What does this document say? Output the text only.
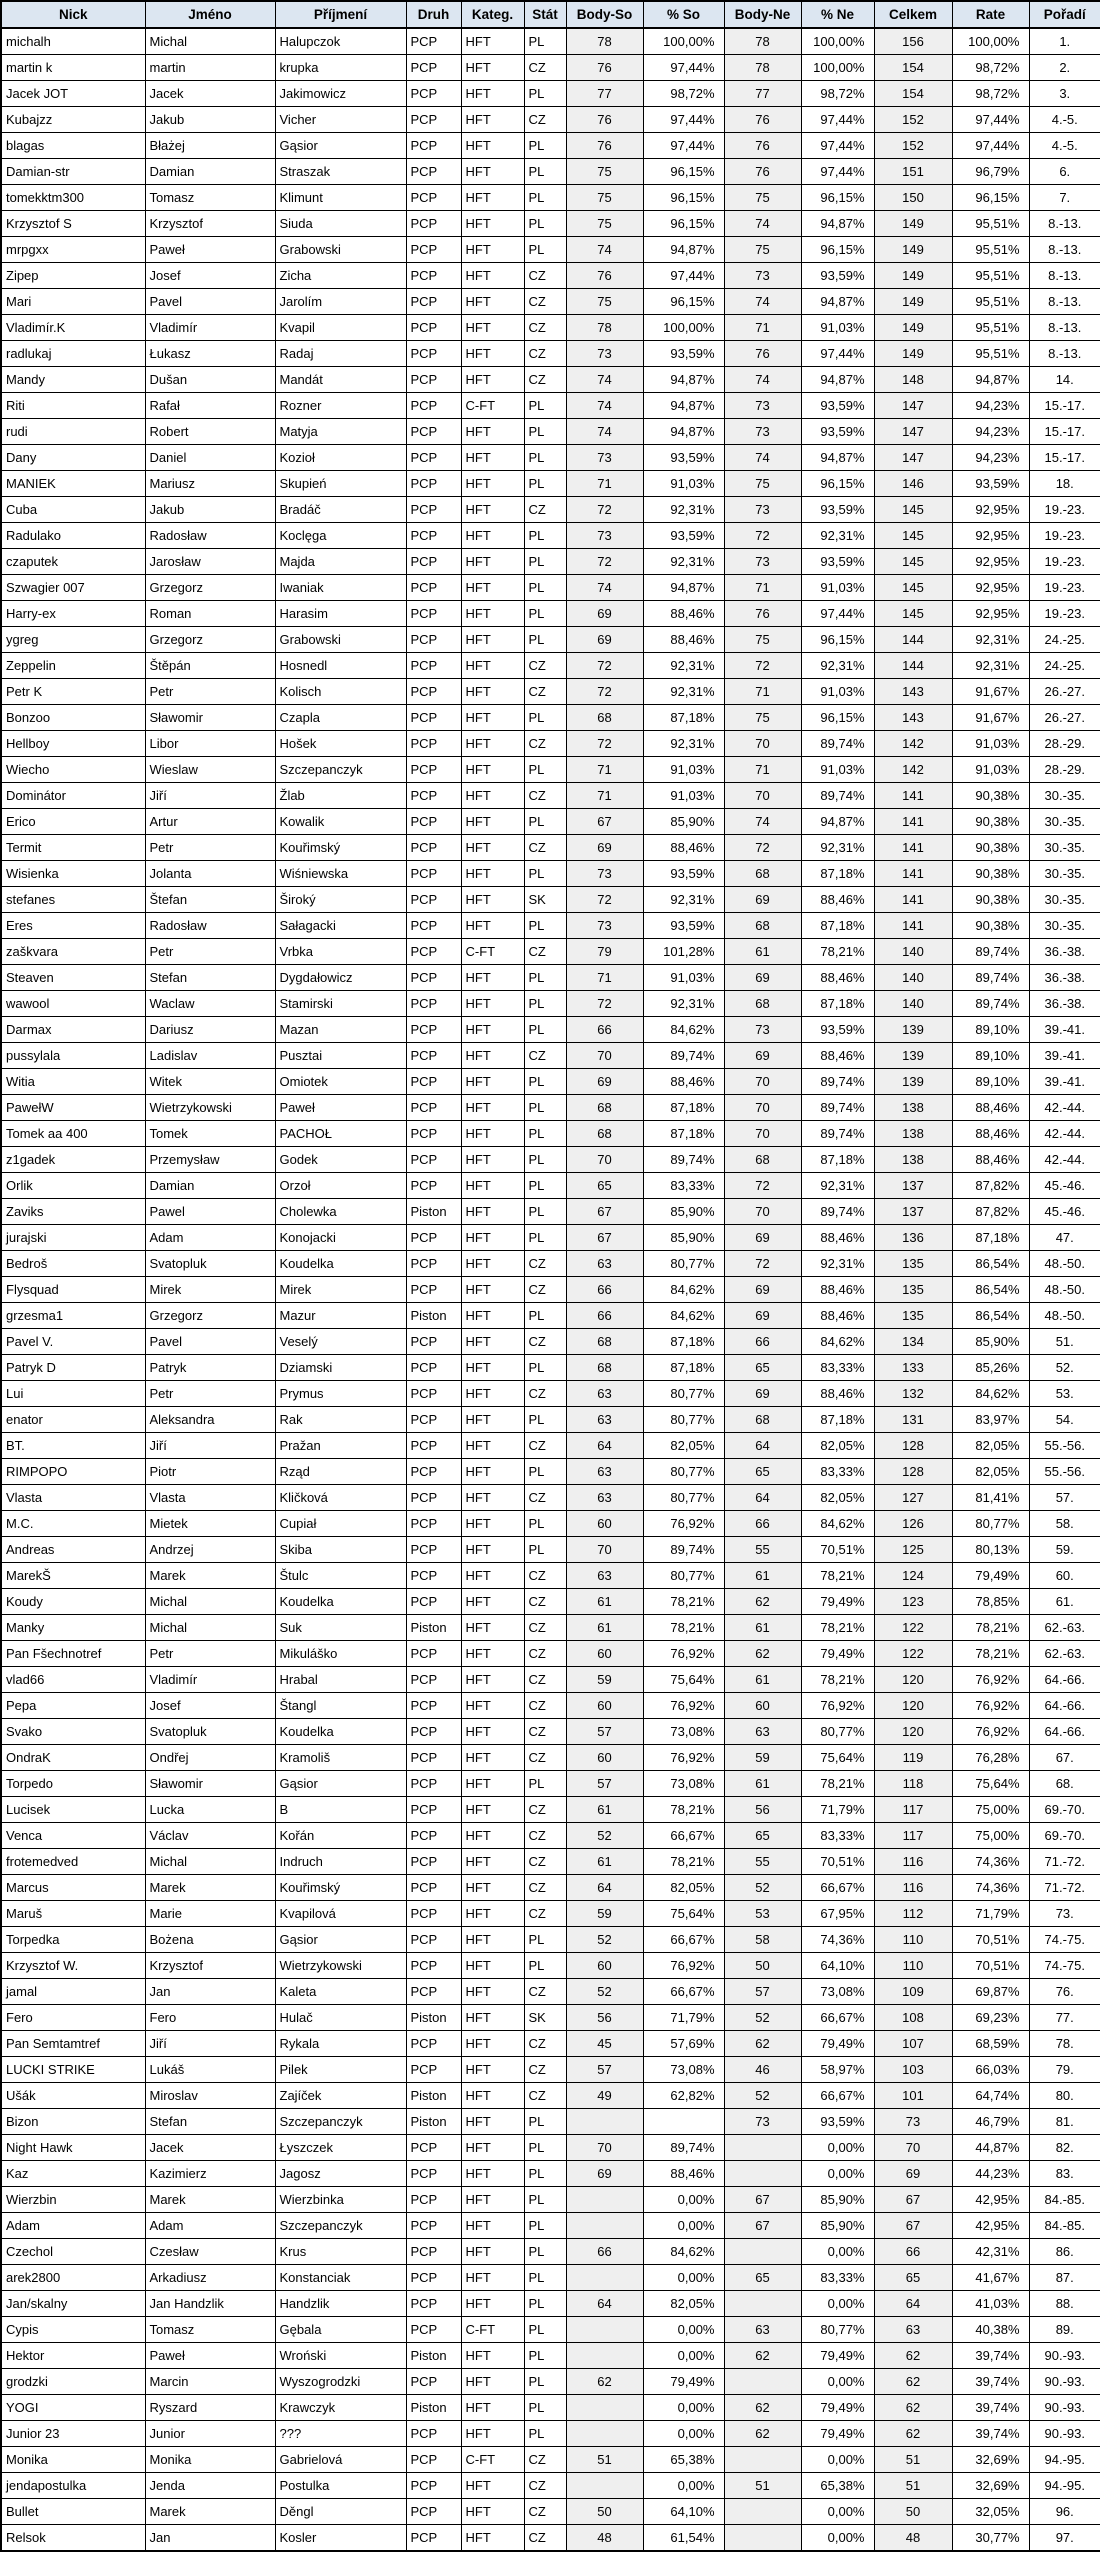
Nick	Jméno	Příjmení	Druh	Kateg.	Stát	Body-So	% So	Body-Ne	% Ne	Celkem	Rate	Pořadí
michalh	Michal	Halupczok	PCP	HFT	PL	78	100,00%	78	100,00%	156	100,00%	1.
martin k	martin	krupka	PCP	HFT	CZ	76	97,44%	78	100,00%	154	98,72%	2.
Jacek JOT	Jacek	Jakimowicz	PCP	HFT	PL	77	98,72%	77	98,72%	154	98,72%	3.
Kubajzz	Jakub	Vicher	PCP	HFT	CZ	76	97,44%	76	97,44%	152	97,44%	4.-5.
blagas	Błażej	Gąsior	PCP	HFT	PL	76	97,44%	76	97,44%	152	97,44%	4.-5.
Damian-str	Damian	Straszak	PCP	HFT	PL	75	96,15%	76	97,44%	151	96,79%	6.
tomekktm300	Tomasz	Klimunt	PCP	HFT	PL	75	96,15%	75	96,15%	150	96,15%	7.
Krzysztof S	Krzysztof	Siuda	PCP	HFT	PL	75	96,15%	74	94,87%	149	95,51%	8.-13.
mrpgxx	Paweł	Grabowski	PCP	HFT	PL	74	94,87%	75	96,15%	149	95,51%	8.-13.
Zipep	Josef	Zicha	PCP	HFT	CZ	76	97,44%	73	93,59%	149	95,51%	8.-13.
Mari	Pavel	Jarolím	PCP	HFT	CZ	75	96,15%	74	94,87%	149	95,51%	8.-13.
Vladimír.K	Vladimír	Kvapil	PCP	HFT	CZ	78	100,00%	71	91,03%	149	95,51%	8.-13.
radlukaj	Łukasz	Radaj	PCP	HFT	CZ	73	93,59%	76	97,44%	149	95,51%	8.-13.
Mandy	Dušan	Mandát	PCP	HFT	CZ	74	94,87%	74	94,87%	148	94,87%	14.
Riti	Rafał	Rozner	PCP	C-FT	PL	74	94,87%	73	93,59%	147	94,23%	15.-17.
rudi	Robert	Matyja	PCP	HFT	PL	74	94,87%	73	93,59%	147	94,23%	15.-17.
Dany	Daniel	Kozioł	PCP	HFT	PL	73	93,59%	74	94,87%	147	94,23%	15.-17.
MANIEK	Mariusz	Skupień	PCP	HFT	PL	71	91,03%	75	96,15%	146	93,59%	18.
Cuba	Jakub	Bradáč	PCP	HFT	CZ	72	92,31%	73	93,59%	145	92,95%	19.-23.
Radulako	Radosław	Koclęga	PCP	HFT	PL	73	93,59%	72	92,31%	145	92,95%	19.-23.
czaputek	Jarosław	Majda	PCP	HFT	PL	72	92,31%	73	93,59%	145	92,95%	19.-23.
Szwagier 007	Grzegorz	Iwaniak	PCP	HFT	PL	74	94,87%	71	91,03%	145	92,95%	19.-23.
Harry-ex	Roman	Harasim	PCP	HFT	PL	69	88,46%	76	97,44%	145	92,95%	19.-23.
ygreg	Grzegorz	Grabowski	PCP	HFT	PL	69	88,46%	75	96,15%	144	92,31%	24.-25.
Zeppelin	Štěpán	Hosnedl	PCP	HFT	CZ	72	92,31%	72	92,31%	144	92,31%	24.-25.
Petr K	Petr	Kolisch	PCP	HFT	CZ	72	92,31%	71	91,03%	143	91,67%	26.-27.
Bonzoo	Sławomir	Czapla	PCP	HFT	PL	68	87,18%	75	96,15%	143	91,67%	26.-27.
Hellboy	Libor	Hošek	PCP	HFT	CZ	72	92,31%	70	89,74%	142	91,03%	28.-29.
Wiecho	Wieslaw	Szczepanczyk	PCP	HFT	PL	71	91,03%	71	91,03%	142	91,03%	28.-29.
Dominátor	Jiří	Žlab	PCP	HFT	CZ	71	91,03%	70	89,74%	141	90,38%	30.-35.
Erico	Artur	Kowalik	PCP	HFT	PL	67	85,90%	74	94,87%	141	90,38%	30.-35.
Termit	Petr	Kouřimský	PCP	HFT	CZ	69	88,46%	72	92,31%	141	90,38%	30.-35.
Wisienka	Jolanta	Wiśniewska	PCP	HFT	PL	73	93,59%	68	87,18%	141	90,38%	30.-35.
stefanes	Štefan	Široký	PCP	HFT	SK	72	92,31%	69	88,46%	141	90,38%	30.-35.
Eres	Radosław	Sałagacki	PCP	HFT	PL	73	93,59%	68	87,18%	141	90,38%	30.-35.
zaškvara	Petr	Vrbka	PCP	C-FT	CZ	79	101,28%	61	78,21%	140	89,74%	36.-38.
Steaven	Stefan	Dygdałowicz	PCP	HFT	PL	71	91,03%	69	88,46%	140	89,74%	36.-38.
wawool	Waclaw	Stamirski	PCP	HFT	PL	72	92,31%	68	87,18%	140	89,74%	36.-38.
Darmax	Dariusz	Mazan	PCP	HFT	PL	66	84,62%	73	93,59%	139	89,10%	39.-41.
pussylala	Ladislav	Pusztai	PCP	HFT	CZ	70	89,74%	69	88,46%	139	89,10%	39.-41.
Witia	Witek	Omiotek	PCP	HFT	PL	69	88,46%	70	89,74%	139	89,10%	39.-41.
PawełW	Wietrzykowski	Paweł	PCP	HFT	PL	68	87,18%	70	89,74%	138	88,46%	42.-44.
Tomek aa 400	Tomek	PACHOŁ	PCP	HFT	PL	68	87,18%	70	89,74%	138	88,46%	42.-44.
z1gadek	Przemysław	Godek	PCP	HFT	PL	70	89,74%	68	87,18%	138	88,46%	42.-44.
Orlik	Damian	Orzoł	PCP	HFT	PL	65	83,33%	72	92,31%	137	87,82%	45.-46.
Zaviks	Pawel	Cholewka	Piston	HFT	PL	67	85,90%	70	89,74%	137	87,82%	45.-46.
jurajski	Adam	Konojacki	PCP	HFT	PL	67	85,90%	69	88,46%	136	87,18%	47.
Bedroš	Svatopluk	Koudelka	PCP	HFT	CZ	63	80,77%	72	92,31%	135	86,54%	48.-50.
Flysquad	Mirek	Mirek	PCP	HFT	CZ	66	84,62%	69	88,46%	135	86,54%	48.-50.
grzesma1	Grzegorz	Mazur	Piston	HFT	PL	66	84,62%	69	88,46%	135	86,54%	48.-50.
Pavel V.	Pavel	Veselý	PCP	HFT	CZ	68	87,18%	66	84,62%	134	85,90%	51.
Patryk D	Patryk	Dziamski	PCP	HFT	PL	68	87,18%	65	83,33%	133	85,26%	52.
Lui	Petr	Prymus	PCP	HFT	CZ	63	80,77%	69	88,46%	132	84,62%	53.
enator	Aleksandra	Rak	PCP	HFT	PL	63	80,77%	68	87,18%	131	83,97%	54.
BT.	Jiří	Pražan	PCP	HFT	CZ	64	82,05%	64	82,05%	128	82,05%	55.-56.
RIMPOPO	Piotr	Rząd	PCP	HFT	PL	63	80,77%	65	83,33%	128	82,05%	55.-56.
Vlasta	Vlasta	Kličková	PCP	HFT	CZ	63	80,77%	64	82,05%	127	81,41%	57.
M.C.	Mietek	Cupiał	PCP	HFT	PL	60	76,92%	66	84,62%	126	80,77%	58.
Andreas	Andrzej	Skiba	PCP	HFT	PL	70	89,74%	55	70,51%	125	80,13%	59.
MarekŠ	Marek	Štulc	PCP	HFT	CZ	63	80,77%	61	78,21%	124	79,49%	60.
Koudy	Michal	Koudelka	PCP	HFT	CZ	61	78,21%	62	79,49%	123	78,85%	61.
Manky	Michal	Suk	Piston	HFT	CZ	61	78,21%	61	78,21%	122	78,21%	62.-63.
Pan Fšechnotref	Petr	Mikuláško	PCP	HFT	CZ	60	76,92%	62	79,49%	122	78,21%	62.-63.
vlad66	Vladimír	Hrabal	PCP	HFT	CZ	59	75,64%	61	78,21%	120	76,92%	64.-66.
Pepa	Josef	Štangl	PCP	HFT	CZ	60	76,92%	60	76,92%	120	76,92%	64.-66.
Svako	Svatopluk	Koudelka	PCP	HFT	CZ	57	73,08%	63	80,77%	120	76,92%	64.-66.
OndraK	Ondřej	Kramoliš	PCP	HFT	CZ	60	76,92%	59	75,64%	119	76,28%	67.
Torpedo	Sławomir	Gąsior	PCP	HFT	PL	57	73,08%	61	78,21%	118	75,64%	68.
Lucisek	Lucka	B	PCP	HFT	CZ	61	78,21%	56	71,79%	117	75,00%	69.-70.
Venca	Václav	Kořán	PCP	HFT	CZ	52	66,67%	65	83,33%	117	75,00%	69.-70.
frotemedved	Michal	Indruch	PCP	HFT	CZ	61	78,21%	55	70,51%	116	74,36%	71.-72.
Marcus	Marek	Kouřimský	PCP	HFT	CZ	64	82,05%	52	66,67%	116	74,36%	71.-72.
Maruš	Marie	Kvapilová	PCP	HFT	CZ	59	75,64%	53	67,95%	112	71,79%	73.
Torpedka	Bożena	Gąsior	PCP	HFT	PL	52	66,67%	58	74,36%	110	70,51%	74.-75.
Krzysztof W.	Krzysztof	Wietrzykowski	PCP	HFT	PL	60	76,92%	50	64,10%	110	70,51%	74.-75.
jamal	Jan	Kaleta	PCP	HFT	CZ	52	66,67%	57	73,08%	109	69,87%	76.
Fero	Fero	Hulač	Piston	HFT	SK	56	71,79%	52	66,67%	108	69,23%	77.
Pan Semtamtref	Jiří	Rykala	PCP	HFT	CZ	45	57,69%	62	79,49%	107	68,59%	78.
LUCKI STRIKE	Lukáš	Pilek	PCP	HFT	CZ	57	73,08%	46	58,97%	103	66,03%	79.
Ušák	Miroslav	Zajíček	Piston	HFT	CZ	49	62,82%	52	66,67%	101	64,74%	80.
Bizon	Stefan	Szczepanczyk	Piston	HFT	PL			73	93,59%	73	46,79%	81.
Night Hawk	Jacek	Łyszczek	PCP	HFT	PL	70	89,74%		0,00%	70	44,87%	82.
Kaz	Kazimierz	Jagosz	PCP	HFT	PL	69	88,46%		0,00%	69	44,23%	83.
Wierzbin	Marek	Wierzbinka	PCP	HFT	PL		0,00%	67	85,90%	67	42,95%	84.-85.
Adam	Adam	Szczepanczyk	PCP	HFT	PL		0,00%	67	85,90%	67	42,95%	84.-85.
Czechol	Czesław	Krus	PCP	HFT	PL	66	84,62%		0,00%	66	42,31%	86.
arek2800	Arkadiusz	Konstanciak	PCP	HFT	PL		0,00%	65	83,33%	65	41,67%	87.
Jan/skalny	Jan Handzlik	Handzlik	PCP	HFT	PL	64	82,05%		0,00%	64	41,03%	88.
Cypis	Tomasz	Gębala	PCP	C-FT	PL		0,00%	63	80,77%	63	40,38%	89.
Hektor	Paweł	Wroński	Piston	HFT	PL		0,00%	62	79,49%	62	39,74%	90.-93.
grodzki	Marcin	Wyszogrodzki	PCP	HFT	PL	62	79,49%		0,00%	62	39,74%	90.-93.
YOGI	Ryszard	Krawczyk	Piston	HFT	PL		0,00%	62	79,49%	62	39,74%	90.-93.
Junior 23	Junior	???	PCP	HFT	PL		0,00%	62	79,49%	62	39,74%	90.-93.
Monika	Monika	Gabrielová	PCP	C-FT	CZ	51	65,38%		0,00%	51	32,69%	94.-95.
jendapostulka	Jenda	Postulka	PCP	HFT	CZ		0,00%	51	65,38%	51	32,69%	94.-95.
Bullet	Marek	Děngl	PCP	HFT	CZ	50	64,10%		0,00%	50	32,05%	96.
Relsok	Jan	Kosler	PCP	HFT	CZ	48	61,54%		0,00%	48	30,77%	97.
